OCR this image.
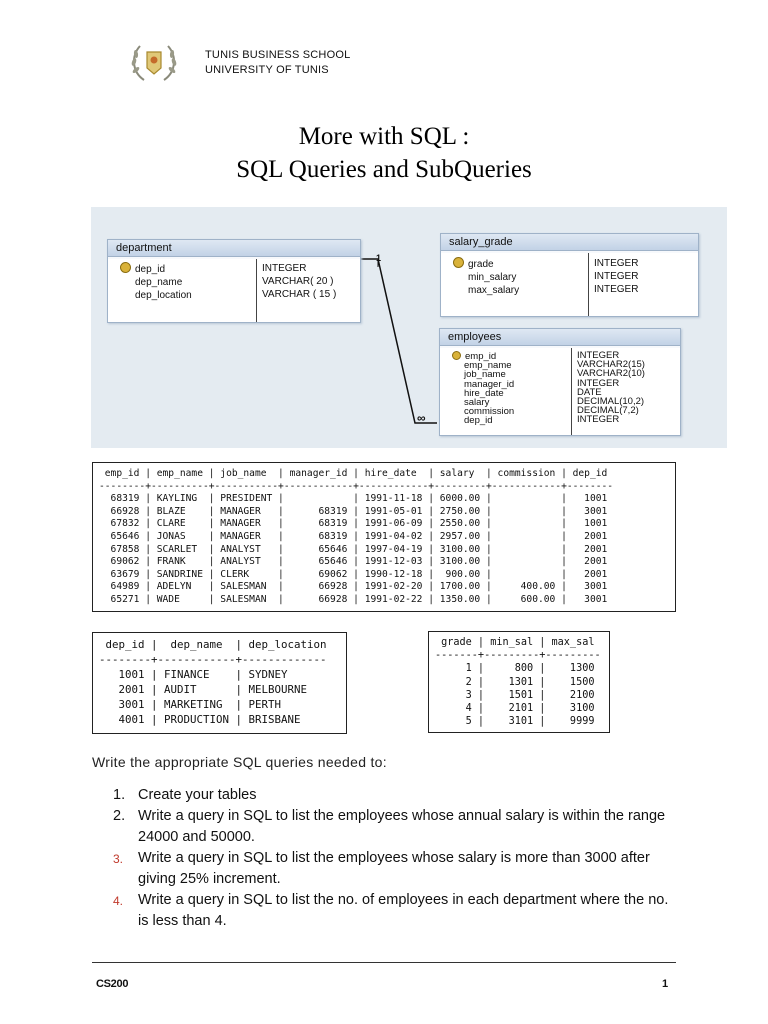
TUNIS BUSINESS SCHOOL
UNIVERSITY OF TUNIS
More with SQL :
SQL Queries and SubQueries
1
∞
department
dep_id
dep_name
dep_location
INTEGER
VARCHAR( 20 )
VARCHAR ( 15 )
salary_grade
grade
min_salary
max_salary
INTEGER
INTEGER
INTEGER
employees
emp_id
emp_name
job_name
manager_id
hire_date
salary
commission
dep_id
INTEGER
VARCHAR2(15)
VARCHAR2(10)
INTEGER
DATE
DECIMAL(10,2)
DECIMAL(7,2)
INTEGER
emp_id | emp_name | job_name  | manager_id | hire_date  | salary  | commission | dep_id
--------+----------+-----------+------------+------------+---------+------------+--------
68319 | KAYLING  | PRESIDENT |            | 1991-11-18 | 6000.00 |            |   1001
66928 | BLAZE    | MANAGER   |      68319 | 1991-05-01 | 2750.00 |            |   3001
67832 | CLARE    | MANAGER   |      68319 | 1991-06-09 | 2550.00 |            |   1001
65646 | JONAS    | MANAGER   |      68319 | 1991-04-02 | 2957.00 |            |   2001
67858 | SCARLET  | ANALYST   |      65646 | 1997-04-19 | 3100.00 |            |   2001
69062 | FRANK    | ANALYST   |      65646 | 1991-12-03 | 3100.00 |            |   2001
63679 | SANDRINE | CLERK     |      69062 | 1990-12-18 |  900.00 |            |   2001
64989 | ADELYN   | SALESMAN  |      66928 | 1991-02-20 | 1700.00 |     400.00 |   3001
65271 | WADE     | SALESMAN  |      66928 | 1991-02-22 | 1350.00 |     600.00 |   3001
dep_id |  dep_name  | dep_location
--------+------------+-------------
1001 | FINANCE    | SYDNEY
2001 | AUDIT      | MELBOURNE
3001 | MARKETING  | PERTH
4001 | PRODUCTION | BRISBANE
grade | min_sal | max_sal
-------+---------+---------
1 |     800 |    1300
2 |    1301 |    1500
3 |    1501 |    2100
4 |    2101 |    3100
5 |    3101 |    9999
Write the appropriate SQL queries needed to:
1. Create your tables
2. Write a query in SQL to list the employees whose annual salary is within the range 24000 and 50000.
3. Write a query in SQL to list the employees whose salary is more than 3000 after giving 25% increment.
4. Write a query in SQL to list the no. of employees in each department where the no. is less than 4.
CS200	1
